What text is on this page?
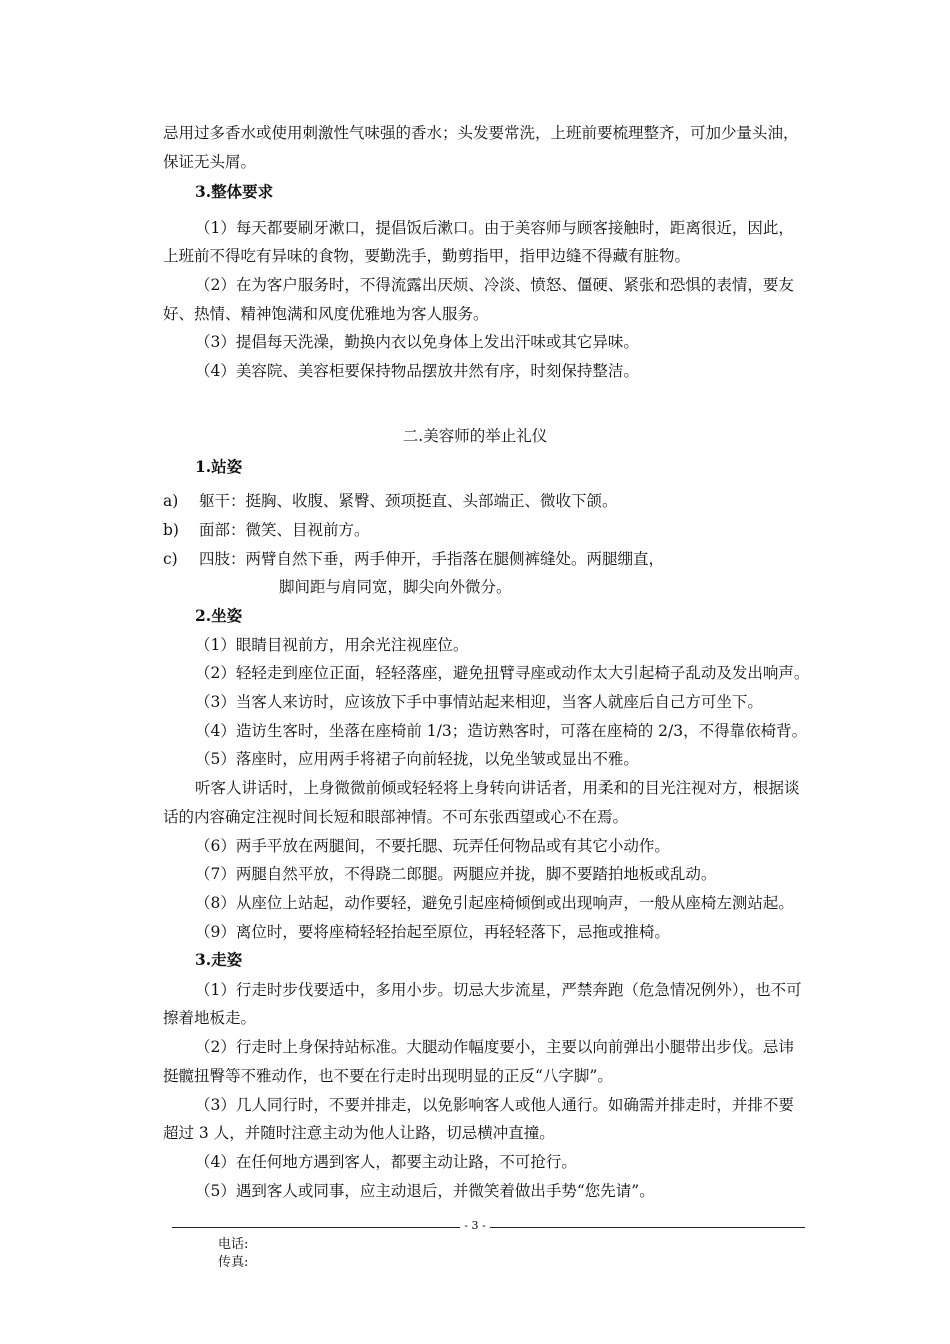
忌用过多香水或使用刺激性气味强的香水；头发要常洗，上班前要梳理整齐，可加少量头油，
保证无头屑。
3.整体要求
（1）每天都要刷牙漱口，提倡饭后漱口。由于美容师与顾客接触时，距离很近，因此，
上班前不得吃有异味的食物，要勤洗手，勤剪指甲，指甲边缝不得藏有脏物。
（2）在为客户服务时，不得流露出厌烦、冷淡、愤怒、僵硬、紧张和恐惧的表情，要友
好、热情、精神饱满和风度优雅地为客人服务。
（3）提倡每天洗澡，勤换内衣以免身体上发出汗味或其它异味。
（4）美容院、美容柜要保持物品摆放井然有序，时刻保持整洁。
二.美容师的举止礼仪
1.站姿
a) 躯干：挺胸、收腹、紧臀、颈项挺直、头部端正、微收下颌。
b) 面部：微笑、目视前方。
c) 四肢：两臂自然下垂，两手伸开，手指落在腿侧裤缝处。两腿绷直，
脚间距与肩同宽，脚尖向外微分。
2.坐姿
（1）眼睛目视前方，用余光注视座位。
（2）轻轻走到座位正面，轻轻落座，避免扭臂寻座或动作太大引起椅子乱动及发出响声。
（3）当客人来访时，应该放下手中事情站起来相迎，当客人就座后自己方可坐下。
（4）造访生客时，坐落在座椅前 1/3；造访熟客时，可落在座椅的 2/3，不得靠依椅背。
（5）落座时，应用两手将裙子向前轻拢，以免坐皱或显出不雅。
听客人讲话时，上身微微前倾或轻轻将上身转向讲话者，用柔和的目光注视对方，根据谈
话的内容确定注视时间长短和眼部神情。不可东张西望或心不在焉。
（6）两手平放在两腿间，不要托腮、玩弄任何物品或有其它小动作。
（7）两腿自然平放，不得跷二郎腿。两腿应并拢，脚不要踏拍地板或乱动。
（8）从座位上站起，动作要轻，避免引起座椅倾倒或出现响声，一般从座椅左测站起。
（9）离位时，要将座椅轻轻抬起至原位，再轻轻落下，忌拖或推椅。
3.走姿
（1）行走时步伐要适中，多用小步。切忌大步流星，严禁奔跑（危急情况例外），也不可
擦着地板走。
（2）行走时上身保持站标准。大腿动作幅度要小，主要以向前弹出小腿带出步伐。忌讳
挺髋扭臀等不雅动作，也不要在行走时出现明显的正反“八字脚”。
（3）几人同行时，不要并排走，以免影响客人或他人通行。如确需并排走时，并排不要
超过 3 人，并随时注意主动为他人让路，切忌横冲直撞。
（4）在任何地方遇到客人，都要主动让路，不可抢行。
（5）遇到客人或同事，应主动退后，并微笑着做出手势“您先请”。
- 3 -
电话:
传真:
